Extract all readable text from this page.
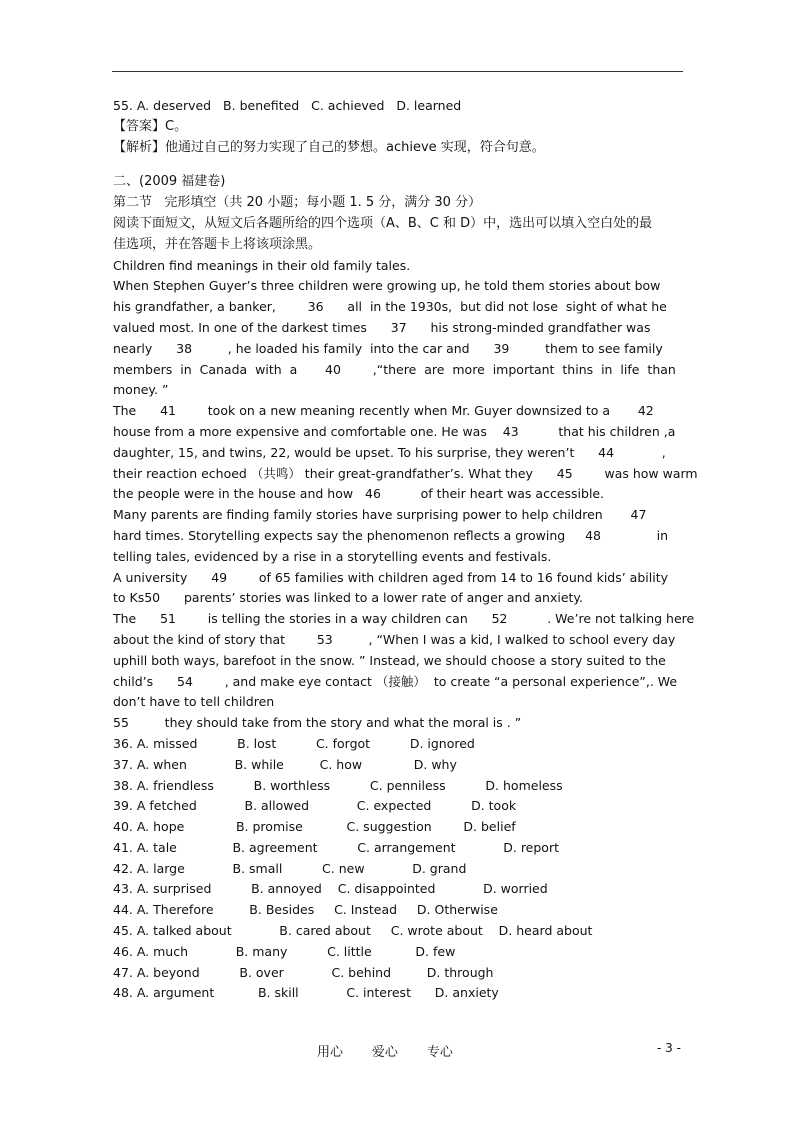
55. A. deserved   B. benefited   C. achieved   D. learned
【答案】C。
【解析】他通过自己的努力实现了自己的梦想。achieve 实现，符合句意。
二、(2009 福建卷)
第二节   完形填空（共 20 小题；每小题 1. 5 分，满分 30 分）
阅读下面短文，从短文后各题所给的四个选项（A、B、C 和 D）中，选出可以填入空白处的最
佳选项，并在答题卡上将该项涂黑。
Children find meanings in their old family tales.
When Stephen Guyer’s three children were growing up, he told them stories about bow
his grandfather, a banker,        36      all  in the 1930s,  but did not lose  sight of what he
valued most. In one of the darkest times      37      his strong-minded grandfather was
nearly      38         , he loaded his family  into the car and      39         them to see family
members  in  Canada  with  a       40        ,“there  are  more  important  thins  in  life  than
money. ”
The      41        took on a new meaning recently when Mr. Guyer downsized to a       42
house from a more expensive and comfortable one. He was    43          that his children ,a
daughter, 15, and twins, 22, would be upset. To his surprise, they weren’t      44            ,
their reaction echoed （共鸣） their great-grandfather’s. What they      45        was how warm
the people were in the house and how   46          of their heart was accessible.
Many parents are finding family stories have surprising power to help children       47
hard times. Storytelling expects say the phenomenon reflects a growing     48              in
telling tales, evidenced by a rise in a storytelling events and festivals.
A university      49        of 65 families with children aged from 14 to 16 found kids’ ability
to Ks50      parents’ stories was linked to a lower rate of anger and anxiety.
The      51        is telling the stories in a way children can      52          . We’re not talking here
about the kind of story that        53         , “When I was a kid, I walked to school every day
uphill both ways, barefoot in the snow. ” Instead, we should choose a story suited to the
child’s      54        , and make eye contact （接触）  to create “a personal experience”,. We
don’t have to tell children
55         they should take from the story and what the moral is . ”
36. A. missed          B. lost          C. forgot          D. ignored
37. A. when            B. while         C. how             D. why
38. A. friendless          B. worthless          C. penniless          D. homeless
39. A fetched            B. allowed            C. expected          D. took
40. A. hope             B. promise           C. suggestion        D. belief
41. A. tale              B. agreement          C. arrangement            D. report
42. A. large            B. small          C. new            D. grand
43. A. surprised          B. annoyed    C. disappointed            D. worried
44. A. Therefore         B. Besides     C. Instead     D. Otherwise
45. A. talked about            B. cared about     C. wrote about    D. heard about
46. A. much            B. many          C. little           D. few
47. A. beyond          B. over            C. behind         D. through
48. A. argument           B. skill            C. interest      D. anxiety
用心       爱心       专心	- 3 -
